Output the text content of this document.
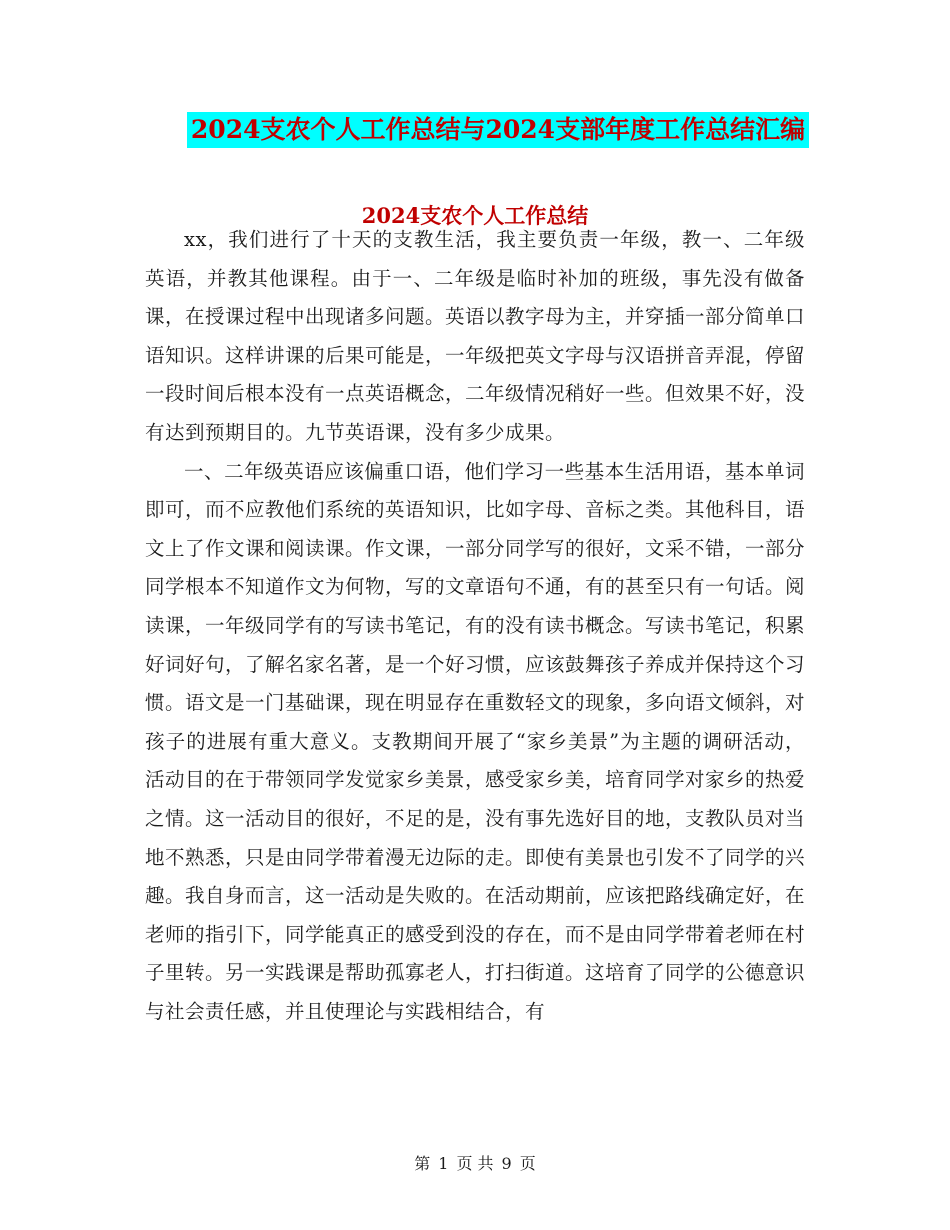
2024支农个人工作总结与2024支部年度工作总结汇编
2024支农个人工作总结

xx，我们进行了十天的支教生活，我主要负责一年级，教一、二年级英语，并教其他课程。由于一、二年级是临时补加的班级，事先没有做备课，在授课过程中出现诸多问题。英语以教字母为主，并穿插一部分简单口语知识。这样讲课的后果可能是，一年级把英文字母与汉语拼音弄混，停留一段时间后根本没有一点英语概念，二年级情况稍好一些。但效果不好，没有达到预期目的。九节英语课，没有多少成果。

一、二年级英语应该偏重口语，他们学习一些基本生活用语，基本单词即可，而不应教他们系统的英语知识，比如字母、音标之类。其他科目，语文上了作文课和阅读课。作文课，一部分同学写的很好，文采不错，一部分同学根本不知道作文为何物，写的文章语句不通，有的甚至只有一句话。阅读课，一年级同学有的写读书笔记，有的没有读书概念。写读书笔记，积累好词好句，了解名家名著，是一个好习惯，应该鼓舞孩子养成并保持这个习惯。语文是一门基础课，现在明显存在重数轻文的现象，多向语文倾斜，对孩子的进展有重大意义。支教期间开展了“家乡美景”为主题的调研活动，活动目的在于带领同学发觉家乡美景，感受家乡美，培育同学对家乡的热爱之情。这一活动目的很好，不足的是，没有事先选好目的地，支教队员对当地不熟悉，只是由同学带着漫无边际的走。即使有美景也引发不了同学的兴趣。我自身而言，这一活动是失败的。在活动期前，应该把路线确定好，在老师的指引下，同学能真正的感受到没的存在，而不是由同学带着老师在村子里转。另一实践课是帮助孤寡老人，打扫街道。这培育了同学的公德意识与社会责任感，并且使理论与实践相结合，有

第 1 页 共 9 页
